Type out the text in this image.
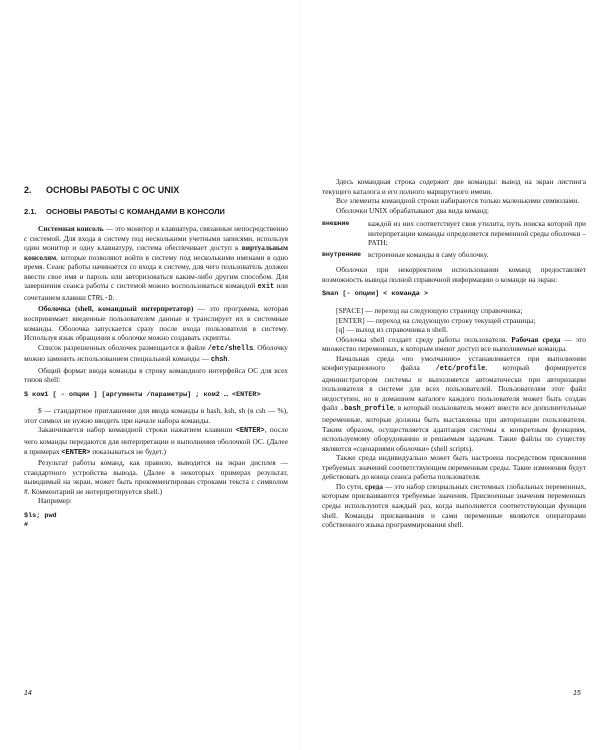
2. ОСНОВЫ РАБОТЫ С ОС UNIX
2.1. ОСНОВЫ РАБОТЫ С КОМАНДАМИ В КОНСОЛИ

Системная консоль — это монитор и клавиатура, связанные непосредственно с системой. Для входа в систему под несколькими учетными записями, используя один монитор и одну клавиатуру, система обеспечивает доступ к виртуальным консолям, которые позволяют войти в систему под несколькими именами в одно время. Сеанс работы начинается со входа в систему, для чего пользователь должен ввести свое имя и пароль или авторизоваться каким-либо другим способом. Для завершения сеанса работы с системой можно воспользоваться командой exit или сочетанием клавиш CTRL-D.

Оболочка (shell, командный интерпретатор) — это программа, которая воспринимает введенные пользователем данные и транслирует их в системные команды. Оболочка запускается сразу после входа пользователя в систему. Используя язык обращения к оболочке можно создавать скрипты.

Список разрешенных оболочек размещается в файле /etc/shells. Оболочку можно заменить использованием специальной команды — chsh.

Общий формат ввода команды в строку командного интерфейса ОС для всех типов shell:

$ ком1 [ - опции ] [аргументы /параметры] ; ком2 … <ENTER>

$ — стандартное приглашение для ввода команды в bash, ksh, sh (в csh — %), этот символ не нужно вводить при начале набора команды.

Заканчивается набор командной строки нажатием клавиши <ENTER>, после чего команды передаются для интерпретации и выполнения оболочкой ОС. (Далее в примерах <ENTER> показываться не будет.)

Результат работы команд, как правило, выводится на экран дисплея — стандартного устройства вывода. (Далее в некоторых примерах результат, выводимый на экран, может быть прокомментирован строками текста с символом #. Комментарий не интерпретируется shell.)

Например:

$ls; pwd
#
14

Здесь командная строка содержит две команды: вывод на экран листинга текущего каталога и его полного маршрутного имени.

Все элементы командной строки набираются только маленькими символами.

Оболочки UNIX обрабатывают два вида команд:

внешние	каждой из них соответствует своя утилита, путь поиска которой при интерпретации команды определяется переменной среды оболочки – PATH;
внутренние встроенные команды в саму оболочку.

Оболочки при некорректном использовании команд предоставляет возможность вывода полной справочной информацию о команде на экран:

$man [- опции] < команда >

[SPACE] — переход на следующую страницу справочника;

[ENTER] — переход на следующую строку текущей страницы;

[q] — выход из справочника в shell.

Оболочка shell создает среду работы пользователя. Рабочая среда — это множество переменных, к которым имеют доступ все выполняемые команды.

Начальная среда «по умолчанию» устанавливается при выполнении конфигурационного файла /etc/profile, который формируется администратором системы и выполняется автоматически при авторизации пользователя в системе для всех пользователей. Пользователям этот файл недоступен, но в домашнем каталоге каждого пользователя может быть создан файл .bash_profile, в который пользователь может внести все дополнительные переменные, которые должны быть выставлены при авторизации пользователя. Таким образом, осуществляется адаптация системы к конкретным функциям, используемому оборудованию и решаемым задачам. Такие файлы по существу являются «сценариями оболочки» (shell scripts).

Также среда индивидуально может быть настроена посредством присвоения требуемых значений соответствующим переменным среды. Такие изменения будут действовать до конца сеанса работы пользователя.

По сути, среда — это набор специальных системных глобальных переменных, которым присваиваются требуемые значения. Присвоенные значения переменных среды используются каждый раз, когда выполняется соответствующая функция shell. Команды присваивания и сами переменные являются операторами собственного языка программирования shell.

15
